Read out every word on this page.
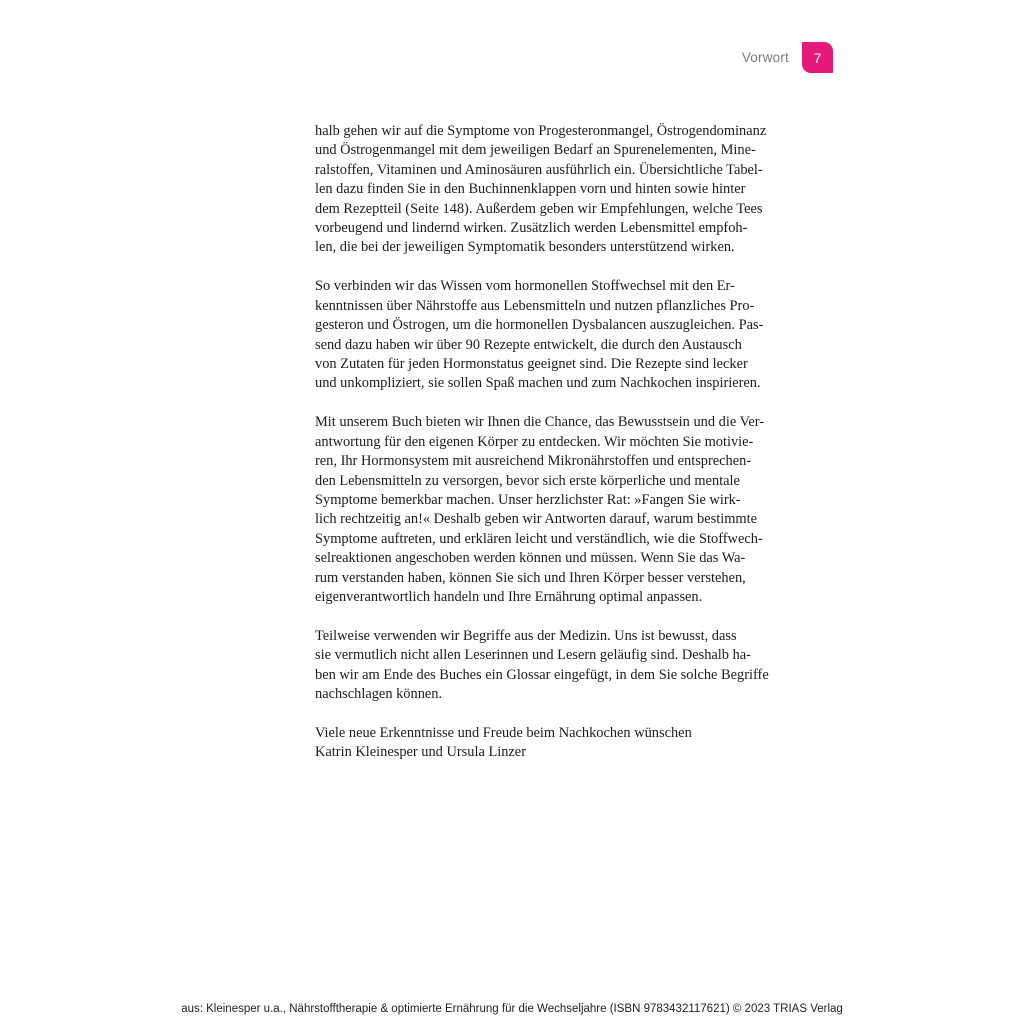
Vorwort	7

halb gehen wir auf die Symptome von Progesteronmangel, Östrogendominanz
und Östrogenmangel mit dem jeweiligen Bedarf an Spurenelementen, Mine-
ralstoffen, Vitaminen und Aminosäuren ausführlich ein. Übersichtliche Tabel-
len dazu finden Sie in den Buchinnenklappen vorn und hinten sowie hinter
dem Rezeptteil (Seite 148). Außerdem geben wir Empfehlungen, welche Tees
vorbeugend und lindernd wirken. Zusätzlich werden Lebensmittel empfoh-
len, die bei der jeweiligen Symptomatik besonders unterstützend wirken.

So verbinden wir das Wissen vom hormonellen Stoffwechsel mit den Er-
kenntnissen über Nährstoffe aus Lebensmitteln und nutzen pflanzliches Pro-
gesteron und Östrogen, um die hormonellen Dysbalancen auszugleichen. Pas-
send dazu haben wir über 90 Rezepte entwickelt, die durch den Austausch
von Zutaten für jeden Hormonstatus geeignet sind. Die Rezepte sind lecker
und unkompliziert, sie sollen Spaß machen und zum Nachkochen inspirieren.

Mit unserem Buch bieten wir Ihnen die Chance, das Bewusstsein und die Ver-
antwortung für den eigenen Körper zu entdecken. Wir möchten Sie motivie-
ren, Ihr Hormonsystem mit ausreichend Mikronährstoffen und entsprechen-
den Lebensmitteln zu versorgen, bevor sich erste körperliche und mentale
Symptome bemerkbar machen. Unser herzlichster Rat: »Fangen Sie wirk-
lich rechtzeitig an!« Deshalb geben wir Antworten darauf, warum bestimmte
Symptome auftreten, und erklären leicht und verständlich, wie die Stoffwech-
selreaktionen angeschoben werden können und müssen. Wenn Sie das Wa-
rum verstanden haben, können Sie sich und Ihren Körper besser verstehen,
eigenverantwortlich handeln und Ihre Ernährung optimal anpassen.

Teilweise verwenden wir Begriffe aus der Medizin. Uns ist bewusst, dass
sie vermutlich nicht allen Leserinnen und Lesern geläufig sind. Deshalb ha-
ben wir am Ende des Buches ein Glossar eingefügt, in dem Sie solche Begriffe
nachschlagen können.

Viele neue Erkenntnisse und Freude beim Nachkochen wünschen
Katrin Kleinesper und Ursula Linzer

aus: Kleinesper u.a., Nährstofftherapie & optimierte Ernährung für die Wechseljahre (ISBN 9783432117621) © 2023 TRIAS Verlag
